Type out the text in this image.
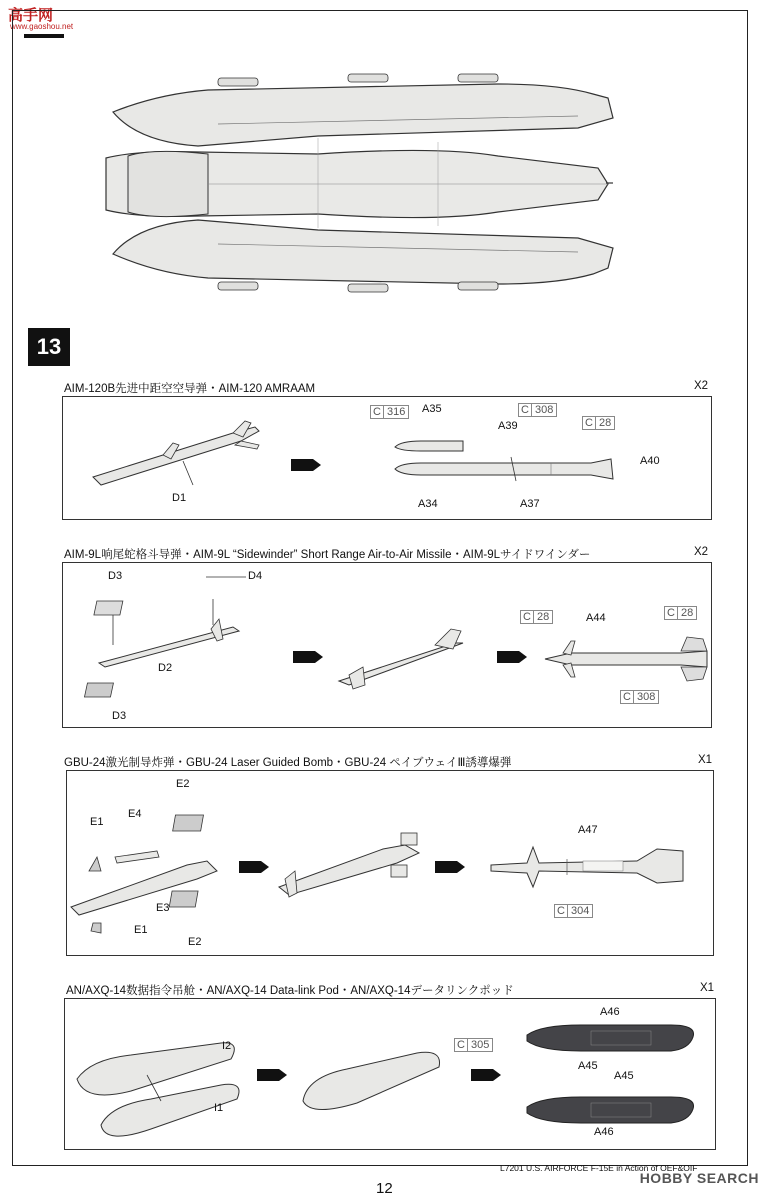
高手网
www.gaoshou.net
13
AIM-120B先进中距空空导弹・AIM-120 AMRAAM	X2
D1
C 316	A35	C 308
A39	C 28
A40
A34	A37
AIM-9L响尾蛇格斗导弹・AIM-9L “Sidewinder” Short Range Air-to-Air Missile・AIM-9Lサイドワインダー	X2
D3	D4
D2
D3
C 28	A44	C 28
C 308
GBU-24激光制导炸弹・GBU-24 Laser Guided Bomb・GBU-24 ペイブウェイⅢ誘導爆弾	X1
E2
E1
E4
E3
E1
E2
A47
C 304
AN/AXQ-14数据指令吊舱・AN/AXQ-14 Data-link Pod・AN/AXQ-14データリンクポッド	X1
I2
I1
A46
A45
A45
A46
C 305
L7201 U.S. AIRFORCE F-15E in Action of OEF&OIF
12
HOBBY SEARCH
